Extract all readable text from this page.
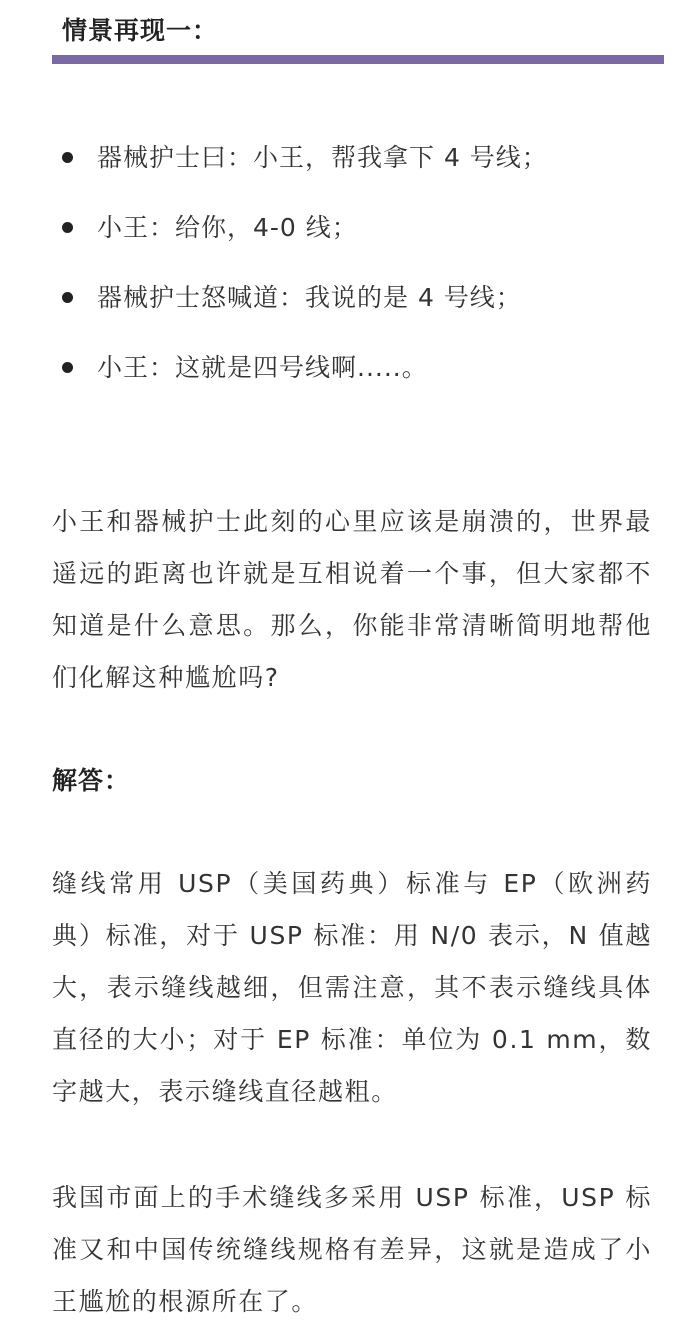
情景再现一：
器械护士曰：小王，帮我拿下 4 号线；
小王：给你，4-0 线；
器械护士怒喊道：我说的是 4 号线；
小王：这就是四号线啊.....。

小王和器械护士此刻的心里应该是崩溃的，世界最遥远的距离也许就是互相说着一个事，但大家都不知道是什么意思。那么，你能非常清晰简明地帮他们化解这种尴尬吗?

解答：

缝线常用 USP（美国药典）标准与 EP（欧洲药典）标准，对于 USP 标准：用 N/0 表示，N 值越大，表示缝线越细，但需注意，其不表示缝线具体直径的大小；对于 EP 标准：单位为 0.1 mm，数字越大，表示缝线直径越粗。

我国市面上的手术缝线多采用 USP 标准，USP 标准又和中国传统缝线规格有差异，这就是造成了小王尴尬的根源所在了。
